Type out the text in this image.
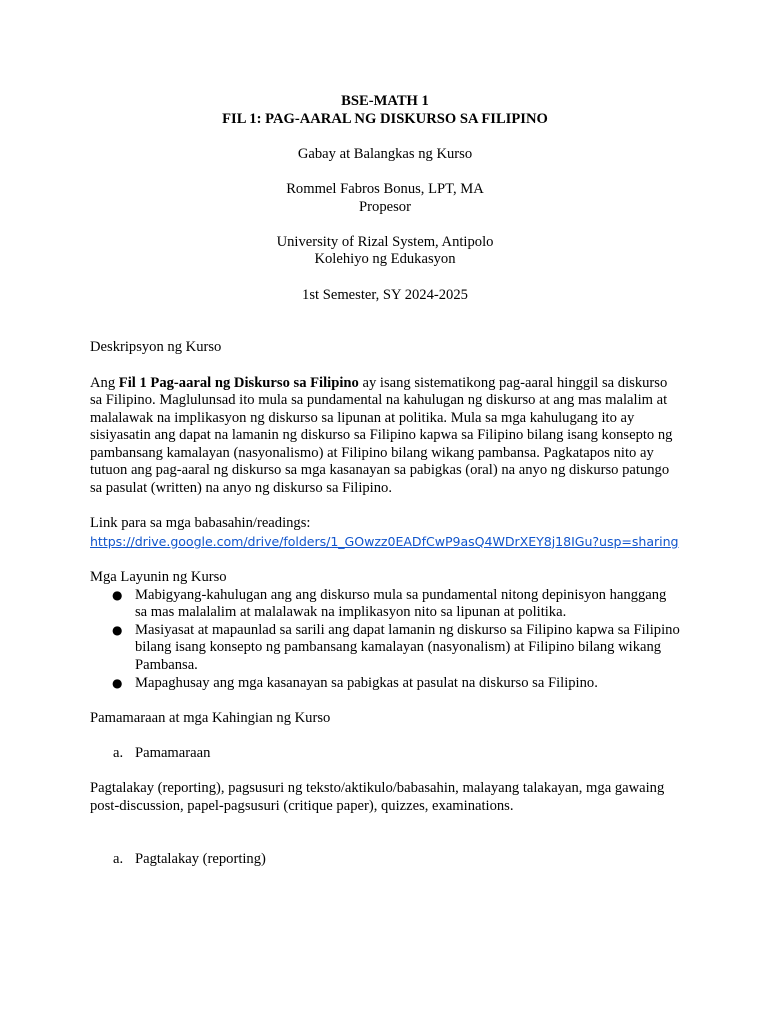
BSE-MATH 1

FIL 1: PAG-AARAL NG DISKURSO SA FILIPINO

Gabay at Balangkas ng Kurso

Rommel Fabros Bonus, LPT, MA

Propesor

University of Rizal System, Antipolo

Kolehiyo ng Edukasyon

1st Semester, SY 2024-2025

Deskripsyon ng Kurso

Ang Fil 1 Pag-aaral ng Diskurso sa Filipino ay isang sistematikong pag-aaral hinggil sa diskurso sa Filipino. Maglulunsad ito mula sa pundamental na kahulugan ng diskurso at ang mas malalim at malalawak na implikasyon ng diskurso sa lipunan at politika. Mula sa mga kahulugang ito ay sisiyasatin ang dapat na lamanin ng diskurso sa Filipino kapwa sa Filipino bilang isang konsepto ng pambansang kamalayan (nasyonalismo) at Filipino bilang wikang pambansa. Pagkatapos nito ay tutuon ang pag-aaral ng diskurso sa mga kasanayan sa pabigkas (oral) na anyo ng diskurso patungo sa pasulat (written) na anyo ng diskurso sa Filipino.

Link para sa mga babasahin/readings:

https://drive.google.com/drive/folders/1_GOwzz0EADfCwP9asQ4WDrXEY8j18IGu?usp=sharing

Mga Layunin ng Kurso

● Mabigyang-kahulugan ang ang diskurso mula sa pundamental nitong depinisyon hanggang sa mas malalalim at malalawak na implikasyon nito sa lipunan at politika.
● Masiyasat at mapaunlad sa sarili ang dapat lamanin ng diskurso sa Filipino kapwa sa Filipino bilang isang konsepto ng pambansang kamalayan (nasyonalism) at Filipino bilang wikang Pambansa.
● Mapaghusay ang mga kasanayan sa pabigkas at pasulat na diskurso sa Filipino.

Pamamaraan at mga Kahingian ng Kurso

a. Pamamaraan

Pagtalakay (reporting), pagsusuri ng teksto/aktikulo/babasahin, malayang talakayan, mga gawaing post-discussion, papel-pagsusuri (critique paper), quizzes, examinations.

a. Pagtalakay (reporting)
